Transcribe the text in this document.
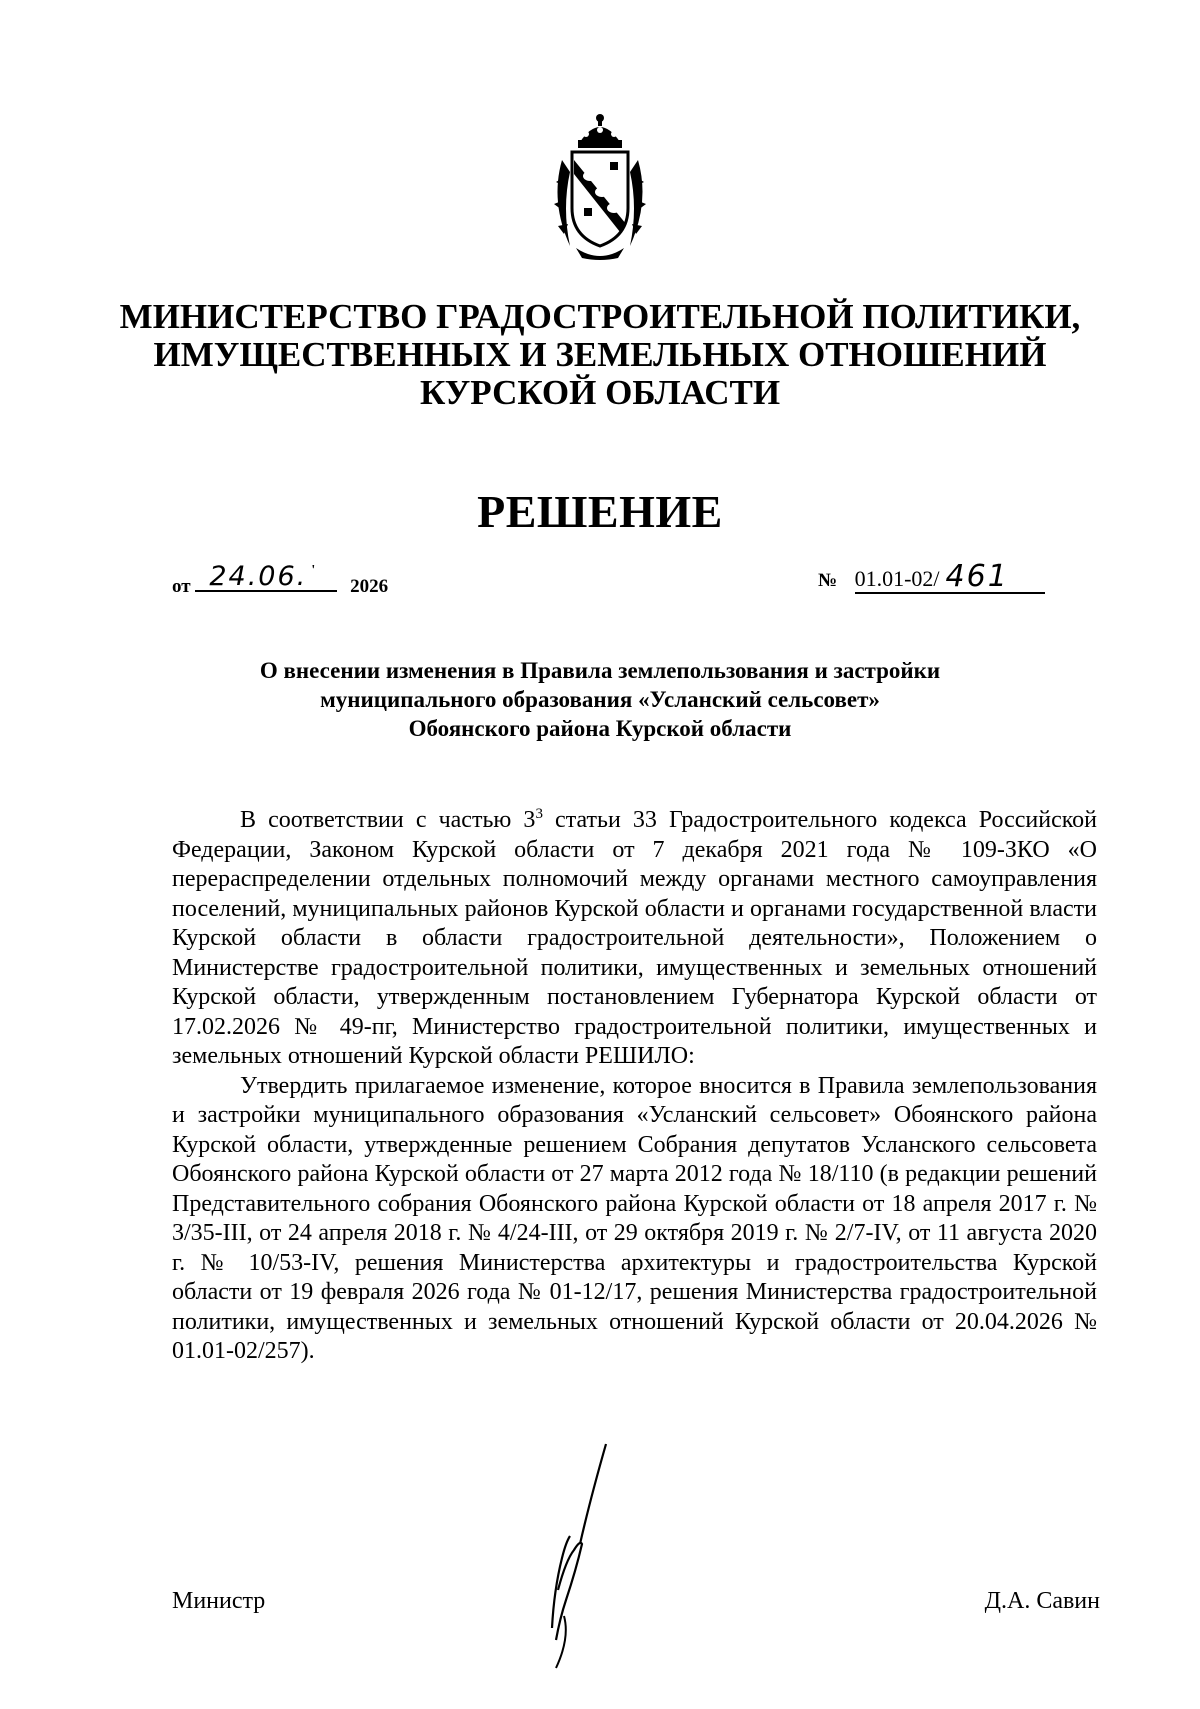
МИНИСТЕРСТВО ГРАДОСТРОИТЕЛЬНОЙ ПОЛИТИКИ,
ИМУЩЕСТВЕННЫХ И ЗЕМЕЛЬНЫХ ОТНОШЕНИЙ
КУРСКОЙ ОБЛАСТИ
РЕШЕНИЕ
от 24.06. '
2026	№ 01.01-02/ 461
О внесении изменения в Правила землепользования и застройки
муниципального образования «Усланский сельсовет»
Обоянского района Курской области

В соответствии с частью $3^3$ статьи 33 Градостроительного кодекса Российской Федерации, Законом Курской области от 7 декабря 2021 года № 109-ЗКО «О перераспределении отдельных полномочий между органами местного самоуправления поселений, муниципальных районов Курской области и органами государственной власти Курской области в области градостроительной деятельности», Положением о Министерстве градостроительной политики, имущественных и земельных отношений Курской области, утвержденным постановлением Губернатора Курской области от 17.02.2026 № 49-пг, Министерство градостроительной политики, имущественных и земельных отношений Курской области РЕШИЛО:

Утвердить прилагаемое изменение, которое вносится в Правила землепользования и застройки муниципального образования «Усланский сельсовет» Обоянского района Курской области, утвержденные решением Собрания депутатов Усланского сельсовета Обоянского района Курской области от 27 марта 2012 года № 18/110 (в редакции решений Представительного собрания Обоянского района Курской области от 18 апреля 2017 г. № 3/35-III, от 24 апреля 2018 г. № 4/24-III, от 29 октября 2019 г. № 2/7-IV, от 11 августа 2020 г. № 10/53-IV, решения Министерства архитектуры и градостроительства Курской области от 19 февраля 2026 года № 01-12/17, решения Министерства градостроительной политики, имущественных и земельных отношений Курской области от 20.04.2026 № 01.01-02/257).

Министр	Д.А. Савин
